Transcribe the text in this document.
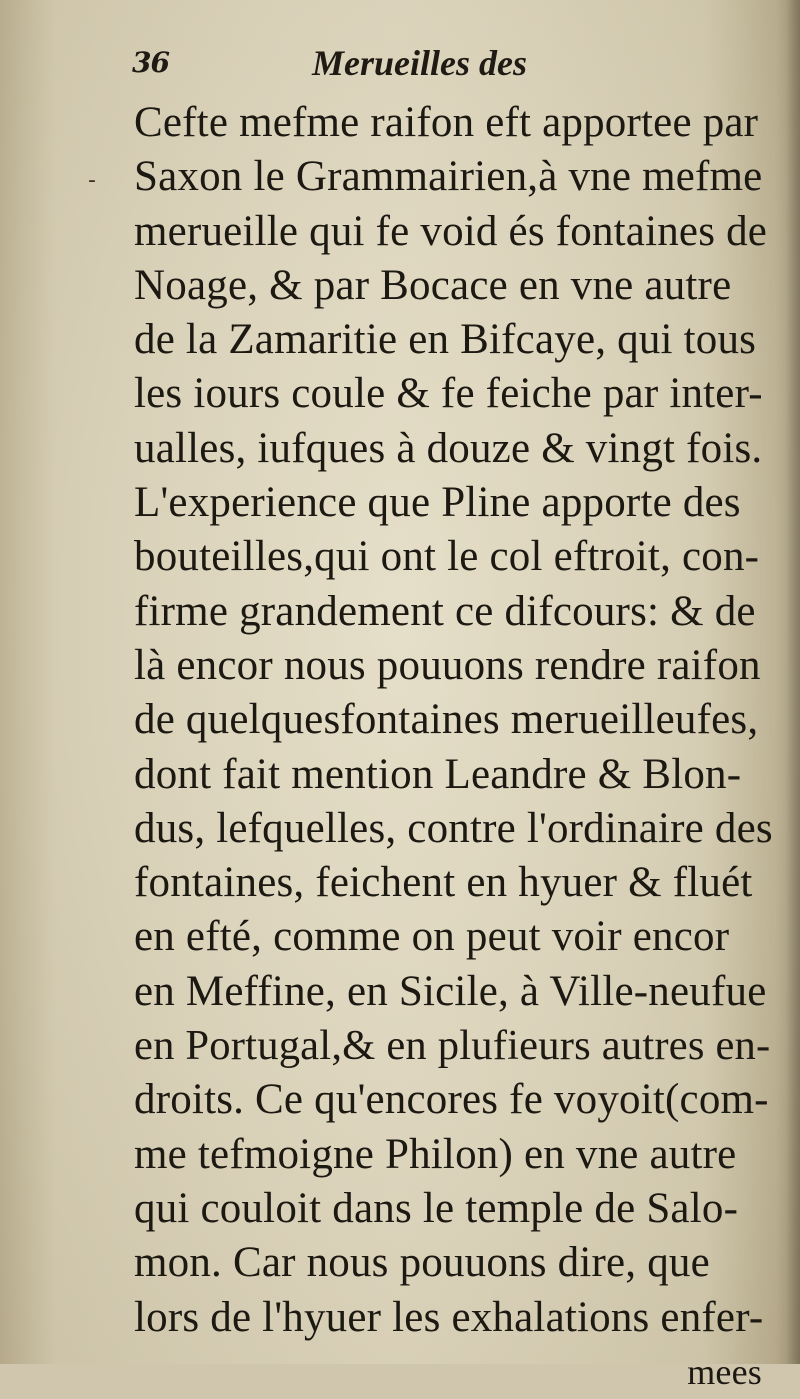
36	Merueilles des
-
Cefte mefme raifon eft apportee par
Saxon le Grammairien,à vne mefme
merueille qui fe void és fontaines de
Noage, & par Bocace en vne autre
de la Zamaritie en Bifcaye, qui tous
les iours coule & fe feiche par inter-
ualles, iufques à douze & vingt fois.
L'experience que Pline apporte des
bouteilles,qui ont le col eftroit, con-
firme grandement ce difcours: & de
là encor nous pouuons rendre raifon
de quelquesfontaines merueilleufes,
dont fait mention Leandre & Blon-
dus, lefquelles, contre l'ordinaire des
fontaines, feichent en hyuer & fluét
en efté, comme on peut voir encor
en Meffine, en Sicile, à Ville-neufue
en Portugal,& en plufieurs autres en-
droits. Ce qu'encores fe voyoit(com-
me tefmoigne Philon) en vne autre
qui couloit dans le temple de Salo-
mon. Car nous pouuons dire, que
lors de l'hyuer les exhalations enfer-
mees
